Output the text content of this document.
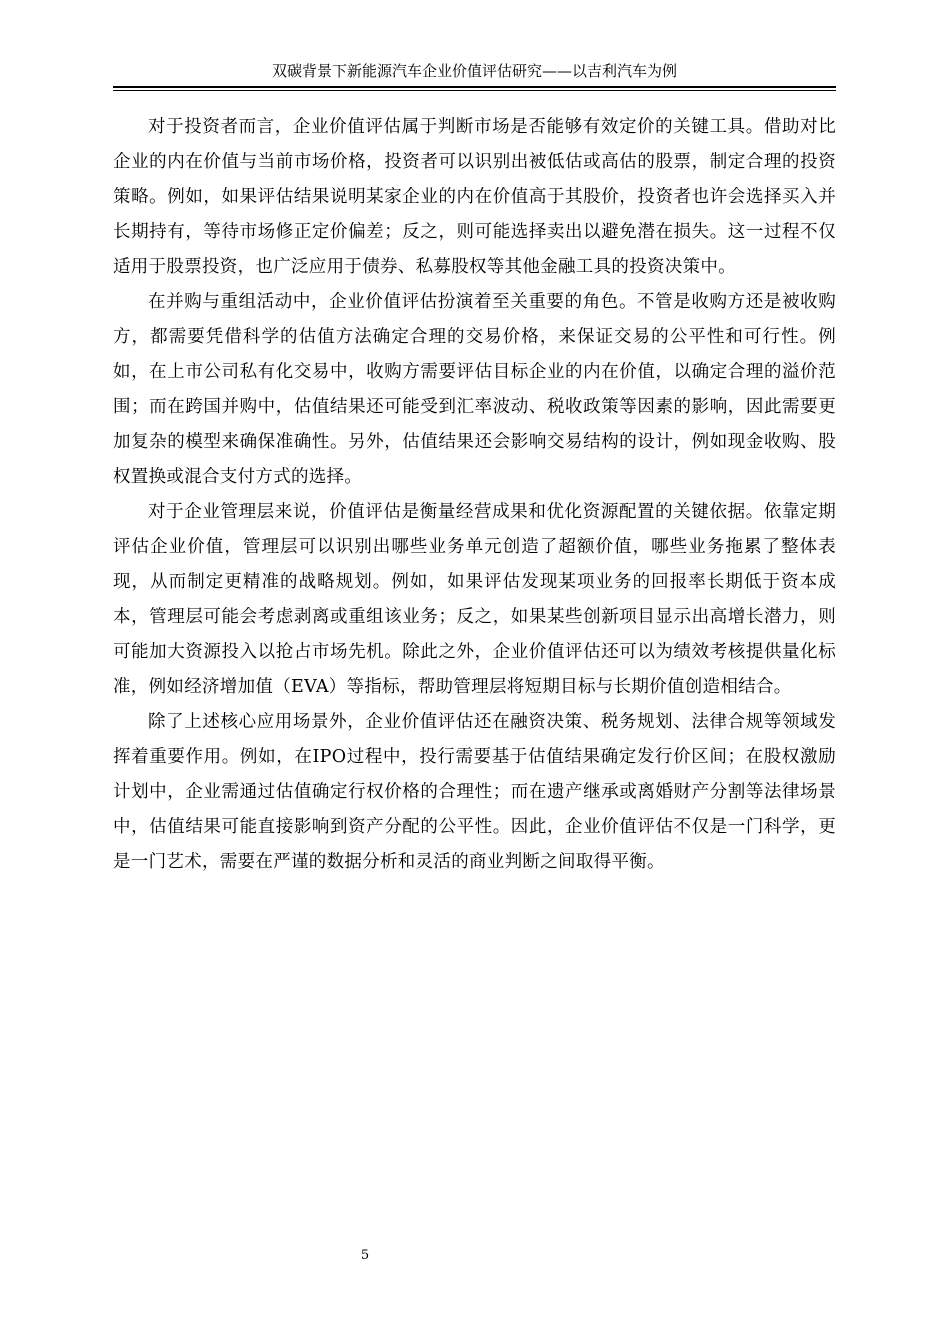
双碳背景下新能源汽车企业价值评估研究——以吉利汽车为例

对于投资者而言，企业价值评估属于判断市场是否能够有效定价的关键工具。借助对比企业的内在价值与当前市场价格，投资者可以识别出被低估或高估的股票，制定合理的投资策略。例如，如果评估结果说明某家企业的内在价值高于其股价，投资者也许会选择买入并长期持有，等待市场修正定价偏差；反之，则可能选择卖出以避免潜在损失。这一过程不仅适用于股票投资，也广泛应用于债券、私募股权等其他金融工具的投资决策中。

在并购与重组活动中，企业价值评估扮演着至关重要的角色。不管是收购方还是被收购方，都需要凭借科学的估值方法确定合理的交易价格，来保证交易的公平性和可行性。例如，在上市公司私有化交易中，收购方需要评估目标企业的内在价值，以确定合理的溢价范围；而在跨国并购中，估值结果还可能受到汇率波动、税收政策等因素的影响，因此需要更加复杂的模型来确保准确性。另外，估值结果还会影响交易结构的设计，例如现金收购、股权置换或混合支付方式的选择。

对于企业管理层来说，价值评估是衡量经营成果和优化资源配置的关键依据。依靠定期评估企业价值，管理层可以识别出哪些业务单元创造了超额价值，哪些业务拖累了整体表现，从而制定更精准的战略规划。例如，如果评估发现某项业务的回报率长期低于资本成本，管理层可能会考虑剥离或重组该业务；反之，如果某些创新项目显示出高增长潜力，则可能加大资源投入以抢占市场先机。除此之外，企业价值评估还可以为绩效考核提供量化标准，例如经济增加值（EVA）等指标，帮助管理层将短期目标与长期价值创造相结合。

除了上述核心应用场景外，企业价值评估还在融资决策、税务规划、法律合规等领域发挥着重要作用。例如，在IPO过程中，投行需要基于估值结果确定发行价区间；在股权激励计划中，企业需通过估值确定行权价格的合理性；而在遗产继承或离婚财产分割等法律场景中，估值结果可能直接影响到资产分配的公平性。因此，企业价值评估不仅是一门科学，更是一门艺术，需要在严谨的数据分析和灵活的商业判断之间取得平衡。

5
